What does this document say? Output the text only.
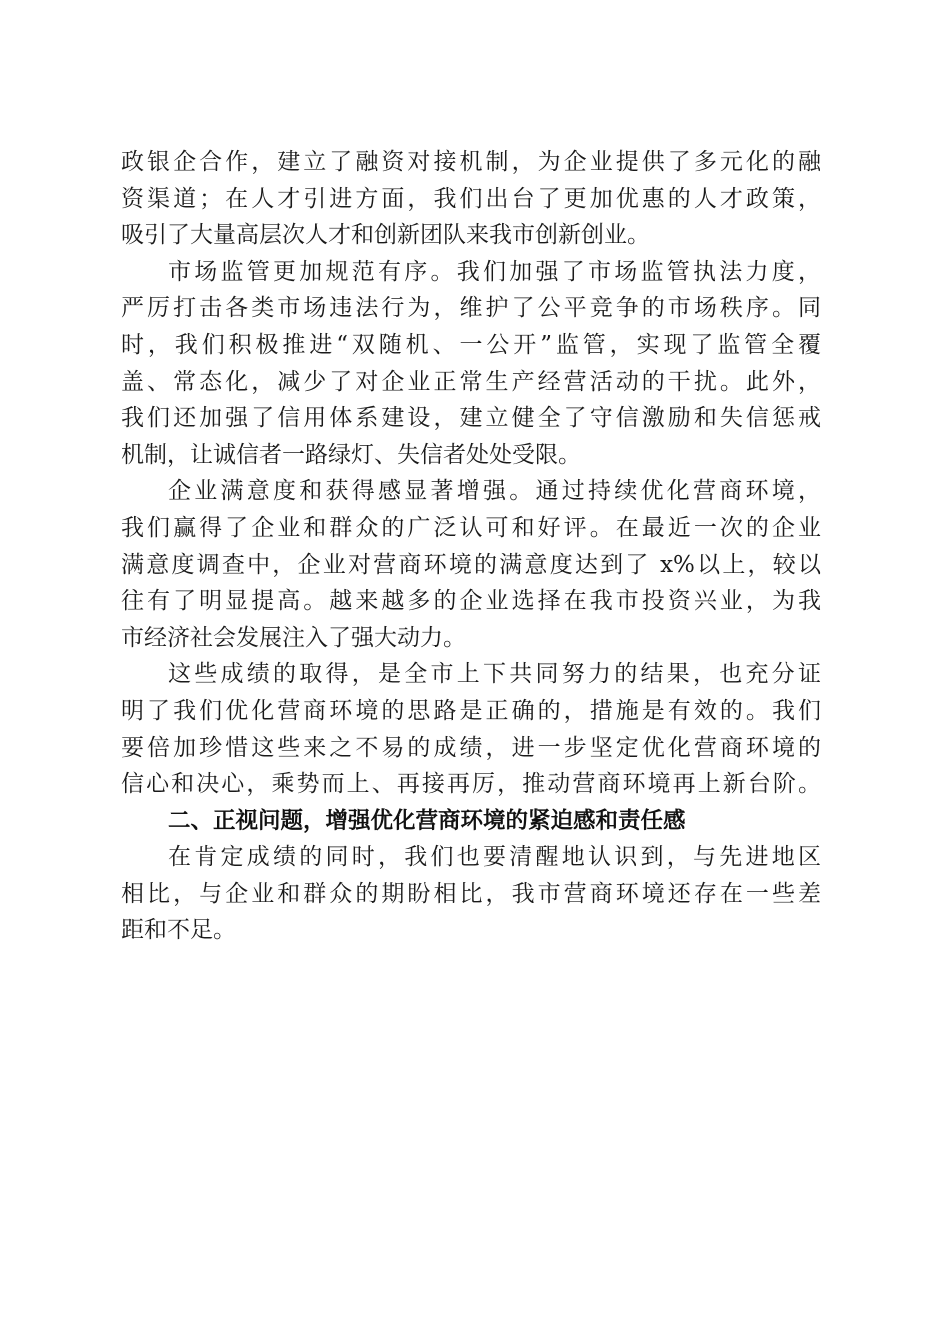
政银企合作，建立了融资对接机制，为企业提供了多元化的融
资渠道；在人才引进方面，我们出台了更加优惠的人才政策，
吸引了大量高层次人才和创新团队来我市创新创业。
市场监管更加规范有序。我们加强了市场监管执法力度，
严厉打击各类市场违法行为，维护了公平竞争的市场秩序。同
时，我们积极推进“双随机、一公开”监管，实现了监管全覆
盖、常态化，减少了对企业正常生产经营活动的干扰。此外，
我们还加强了信用体系建设，建立健全了守信激励和失信惩戒
机制，让诚信者一路绿灯、失信者处处受限。
企业满意度和获得感显著增强。通过持续优化营商环境，
我们赢得了企业和群众的广泛认可和好评。在最近一次的企业
满意度调查中，企业对营商环境的满意度达到了 x%以上，较以
往有了明显提高。越来越多的企业选择在我市投资兴业，为我
市经济社会发展注入了强大动力。
这些成绩的取得，是全市上下共同努力的结果，也充分证
明了我们优化营商环境的思路是正确的，措施是有效的。我们
要倍加珍惜这些来之不易的成绩，进一步坚定优化营商环境的
信心和决心，乘势而上、再接再厉，推动营商环境再上新台阶。
二、正视问题，增强优化营商环境的紧迫感和责任感
在肯定成绩的同时，我们也要清醒地认识到，与先进地区
相比，与企业和群众的期盼相比，我市营商环境还存在一些差
距和不足。
